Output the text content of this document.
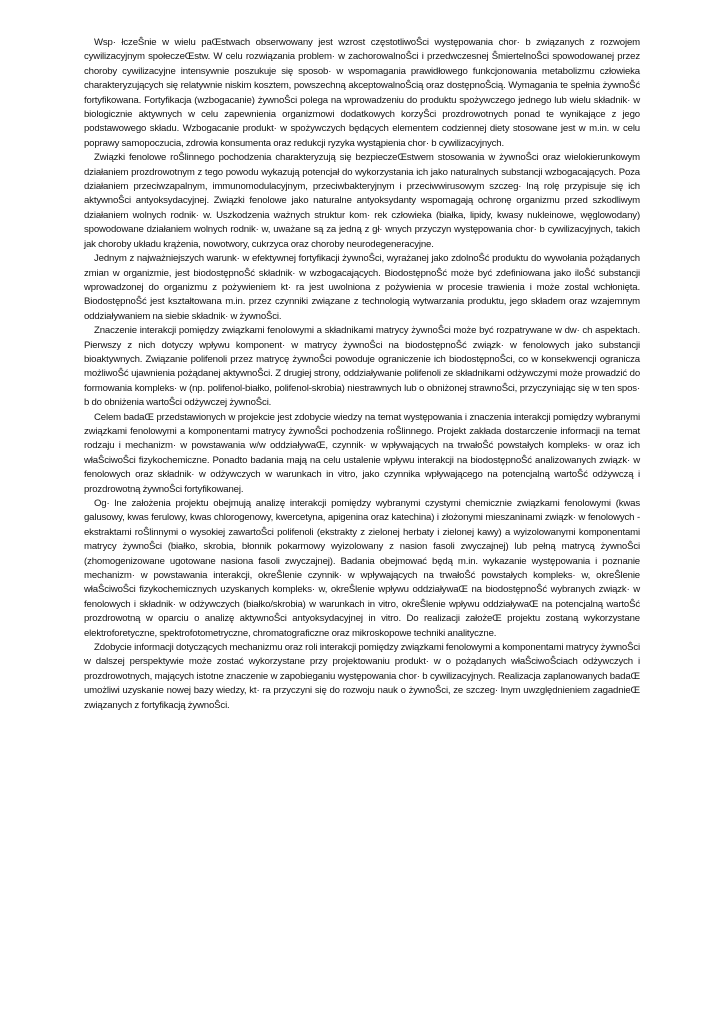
Wsp· łczeŜnie w wielu paŒstwach obserwowany jest wzrost częstotliwoŜci występowania chor· b związanych z rozwojem cywilizacyjnym społeczeŒstw. W celu rozwiązania problem· w zachorowalnoŜci i przedwczesnej ŜmiertelnoŜci spowodowanej przez choroby cywilizacyjne intensywnie poszukuje się sposob· w wspomagania prawidłowego funkcjonowania metabolizmu człowieka charakteryzujących się relatywnie niskim kosztem, powszechną akceptowalnoŜcią oraz dostępnoŜcią. Wymagania te spełnia żywnoŜć fortyfikowana. Fortyfikacja (wzbogacanie) żywnoŜci polega na wprowadzeniu do produktu spożywczego jednego lub wielu składnik· w biologicznie aktywnych w celu zapewnienia organizmowi dodatkowych korzyŜci prozdrowotnych ponad te wynikające z jego podstawowego składu. Wzbogacanie produkt· w spożywczych będących elementem codziennej diety stosowane jest w m.in. w celu poprawy samopoczucia, zdrowia konsumenta oraz redukcji ryzyka wystąpienia chor· b cywilizacyjnych.

Związki fenolowe roŜlinnego pochodzenia charakteryzują się bezpieczeŒstwem stosowania w żywnoŜci oraz wielokierunkowym działaniem prozdrowotnym z tego powodu wykazują potencjał do wykorzystania ich jako naturalnych substancji wzbogacających. Poza działaniem przeciwzapalnym, immunomodulacyjnym, przeciwbakteryjnym i przeciwwirusowym szczeg· lną rolę przypisuje się ich aktywnoŜci antyoksydacyjnej. Związki fenolowe jako naturalne antyoksydanty wspomagają ochronę organizmu przed szkodliwym działaniem wolnych rodnik· w. Uszkodzenia ważnych struktur kom· rek człowieka (białka, lipidy, kwasy nukleinowe, węglowodany) spowodowane działaniem wolnych rodnik· w, uważane są za jedną z gł· wnych przyczyn występowania chor· b cywilizacyjnych, takich jak choroby układu krążenia, nowotwory, cukrzyca oraz choroby neurodegeneracyjne.

Jednym z najważniejszych warunk· w efektywnej fortyfikacji żywnoŜci, wyrażanej jako zdolnoŜć produktu do wywołania pożądanych zmian w organizmie, jest biodostępnoŜć składnik· w wzbogacających. BiodostępnoŜć może być zdefiniowana jako iloŜć substancji wprowadzonej do organizmu z pożywieniem kt· ra jest uwolniona z pożywienia w procesie trawienia i może zostal wchłonięta. BiodostępnoŜć jest kształtowana m.in. przez czynniki związane z technologią wytwarzania produktu, jego składem oraz wzajemnym oddziaływaniem na siebie składnik· w żywnoŜci.

Znaczenie interakcji pomiędzy związkami fenolowymi a składnikami matrycy żywnoŜci może być rozpatrywane w dw· ch aspektach. Pierwszy z nich dotyczy wpływu komponent· w matrycy żywnoŜci na biodostępnoŜć związk· w fenolowych jako substancji bioaktywnych. Związanie polifenoli przez matrycę żywnoŜci powoduje ograniczenie ich biodostępnoŜci, co w konsekwencji ogranicza możliwoŜć ujawnienia pożądanej aktywnoŜci. Z drugiej strony, oddziaływanie polifenoli ze składnikami odżywczymi może prowadzić do formowania kompleks· w (np. polifenol-białko, polifenol-skrobia) niestrawnych lub o obniżonej strawnoŜci, przyczyniając się w ten spos· b do obniżenia wartoŜci odżywczej żywnoŜci.

Celem badaŒ przedstawionych w projekcie jest zdobycie wiedzy na temat występowania i znaczenia interakcji pomiędzy wybranymi związkami fenolowymi a komponentami matrycy żywnoŜci pochodzenia roŜlinnego. Projekt zakłada dostarczenie informacji na temat rodzaju i mechanizm· w powstawania w/w oddziaływaŒ, czynnik· w wpływających na trwałoŜć powstałych kompleks· w oraz ich właŜciwoŜci fizykochemiczne. Ponadto badania mają na celu ustalenie wpływu interakcji na biodostępnoŜć analizowanych związk· w fenolowych oraz składnik· w odżywczych w warunkach in vitro, jako czynnika wpływającego na potencjalną wartoŜć odżywczą i prozdrowotną żywnoŜci fortyfikowanej.

Og· lne założenia projektu obejmują analizę interakcji pomiędzy wybranymi czystymi chemicznie związkami fenolowymi (kwas galusowy, kwas ferulowy, kwas chlorogenowy, kwercetyna, apigenina oraz katechina) i złożonymi mieszaninami związk· w fenolowych - ekstraktami roŜlinnymi o wysokiej zawartoŜci polifenoli (ekstrakty z zielonej herbaty i zielonej kawy) a wyizolowanymi komponentami matrycy żywnoŜci (białko, skrobia, błonnik pokarmowy wyizolowany z nasion fasoli zwyczajnej) lub pełną matrycą żywnoŜci (zhomogenizowane ugotowane nasiona fasoli zwyczajnej). Badania obejmować będą m.in. wykazanie występowania i poznanie mechanizm· w powstawania interakcji, okreŜlenie czynnik· w wpływających na trwałoŜć powstałych kompleks· w, okreŜlenie właŜciwoŜci fizykochemicznych uzyskanych kompleks· w, okreŜlenie wpływu oddziaływaŒ na biodostępnoŜć wybranych związk· w fenolowych i składnik· w odżywczych (białko/skrobia) w warunkach in vitro, okreŜlenie wpływu oddziaływaŒ na potencjalną wartoŜć prozdrowotną w oparciu o analizę aktywnoŜci antyoksydacyjnej in vitro. Do realizacji założeŒ projektu zostaną wykorzystane elektroforetyczne, spektrofotometryczne, chromatograficzne oraz mikroskopowe techniki analityczne.

Zdobycie informacji dotyczących mechanizmu oraz roli interakcji pomiędzy związkami fenolowymi a komponentami matrycy żywnoŜci w dalszej perspektywie może zostać wykorzystane przy projektowaniu produkt· w o pożądanych właŜciwoŜciach odżywczych i prozdrowotnych, mających istotne znaczenie w zapobieganiu występowania chor· b cywilizacyjnych. Realizacja zaplanowanych badaŒ umożliwi uzyskanie nowej bazy wiedzy, kt· ra przyczyni się do rozwoju nauk o żywnoŜci, ze szczeg· lnym uwzględnieniem zagadnieŒ związanych z fortyfikacją żywnoŜci.
